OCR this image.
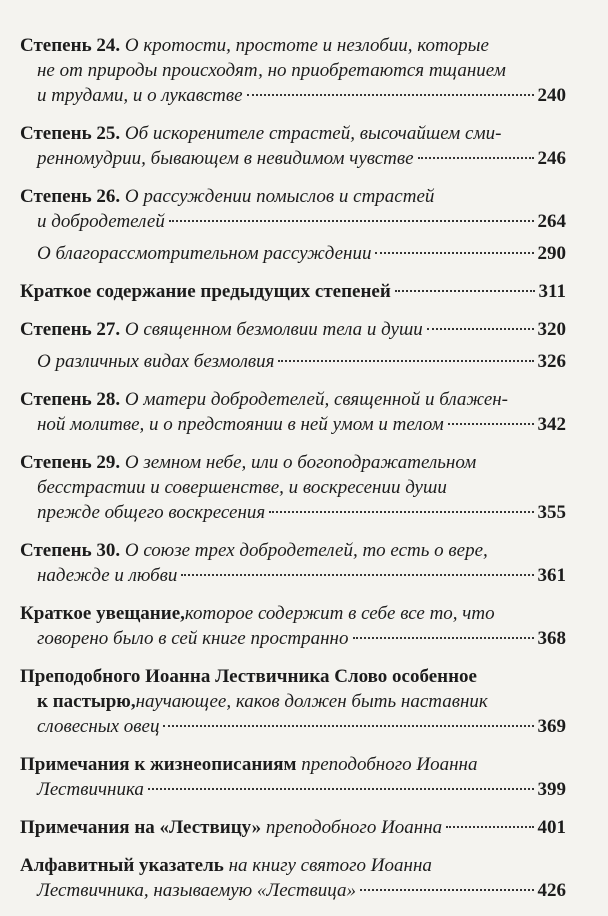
Степень 24.
О кротости, простоте и незлобии, которые
не от природы происходят, но приобретаются тщанием
и трудами, и о лукавстве	240
Степень 25.
Об искоренителе страстей, высочайшем сми-
ренномудрии, бывающем в невидимом чувстве	246
Степень 26.
О рассуждении помыслов и страстей
и добродетелей	264
О благорассмотрительном рассуждении	290
Краткое содержание предыдущих степеней	311
Степень 27.
О священном безмолвии тела и души	320
О различных видах безмолвия	326
Степень 28.
О матери добродетелей, священной и блажен-
ной молитве, и о предстоянии в ней умом и телом	342
Степень 29.
О земном небе, или о богоподражательном
бесстрастии и совершенстве, и воскресении души
прежде общего воскресения	355
Степень 30.
О союзе трех добродетелей, то есть о вере,
надежде и любви	361
Краткое увещание, которое содержит в себе все то, что
говорено было в сей книге пространно	368
Преподобного Иоанна Лествичника Слово особенное
к пастырю, научающее, каков должен быть наставник
словесных овец	369
Примечания к жизнеописаниям
преподобного Иоанна
Лествичника	399
Примечания на «Лествицу»
преподобного Иоанна	401
Алфавитный указатель
на книгу святого Иоанна
Лествичника, называемую «Лествица»	426
